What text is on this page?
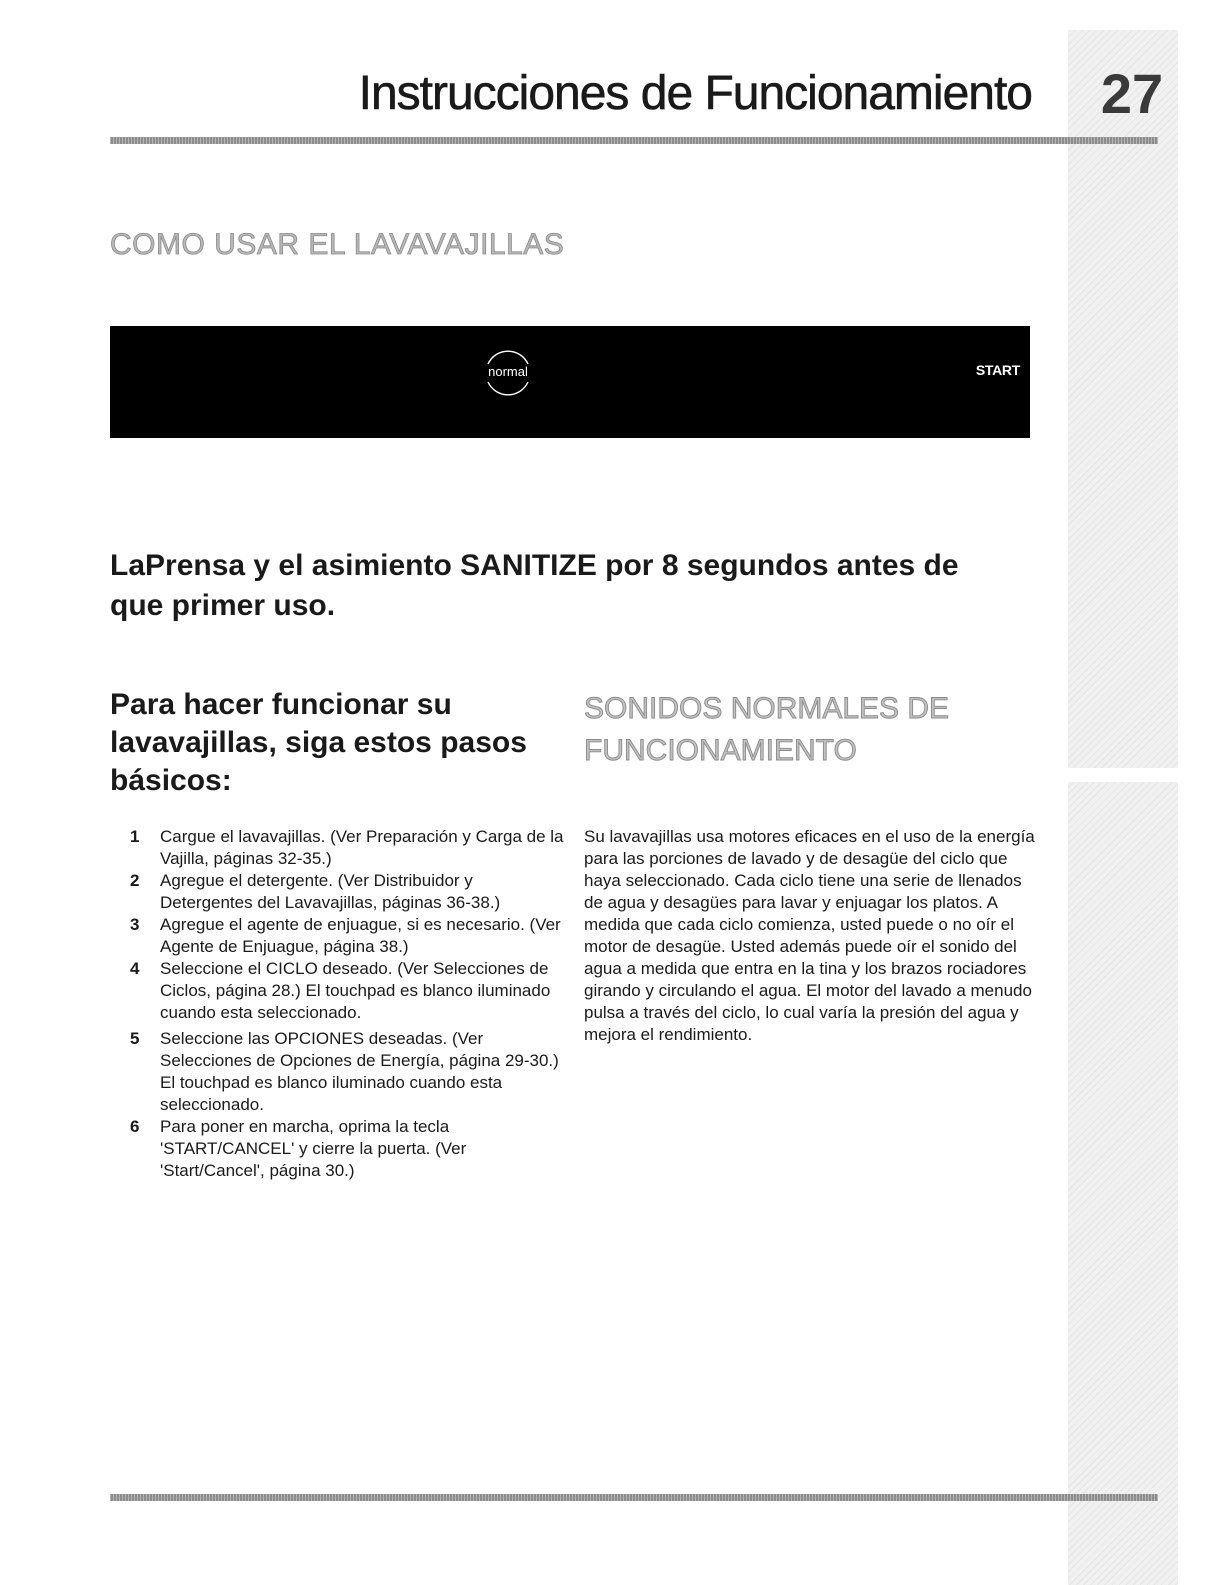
Instrucciones de Funcionamiento 27
COMO USAR EL LAVAVAJILLAS
normal	START
LaPrensa y el asimiento SANITIZE por 8 segundos antes de que primer uso.
Para hacer funcionar su lavavajillas, siga estos pasos básicos:
SONIDOS NORMALES DE FUNCIONAMIENTO
1	Cargue el lavavajillas. (Ver Preparación y Carga de la Vajilla, páginas 32-35.)
2	Agregue el detergente. (Ver Distribuidor y Detergentes del Lavavajillas, páginas 36-38.)
3	Agregue el agente de enjuague, si es necesario. (Ver Agente de Enjuague, página 38.)
4	Seleccione el CICLO deseado. (Ver Selecciones de Ciclos, página 28.) El touchpad es blanco iluminado cuando esta seleccionado.
5	Seleccione las OPCIONES deseadas. (Ver Selecciones de Opciones de Energía, página 29-30.) El touchpad es blanco iluminado cuando esta seleccionado.
6	Para poner en marcha, oprima la tecla 'START/CANCEL' y cierre la puerta. (Ver 'Start/Cancel', página 30.)
Su lavavajillas usa motores eficaces en el uso de la energía para las porciones de lavado y de desagüe del ciclo que haya seleccionado. Cada ciclo tiene una serie de llenados de agua y desagües para lavar y enjuagar los platos. A medida que cada ciclo comienza, usted puede o no oír el motor de desagüe. Usted además puede oír el sonido del agua a medida que entra en la tina y los brazos rociadores girando y circulando el agua. El motor del lavado a menudo pulsa a través del ciclo, lo cual varía la presión del agua y mejora el rendimiento.
